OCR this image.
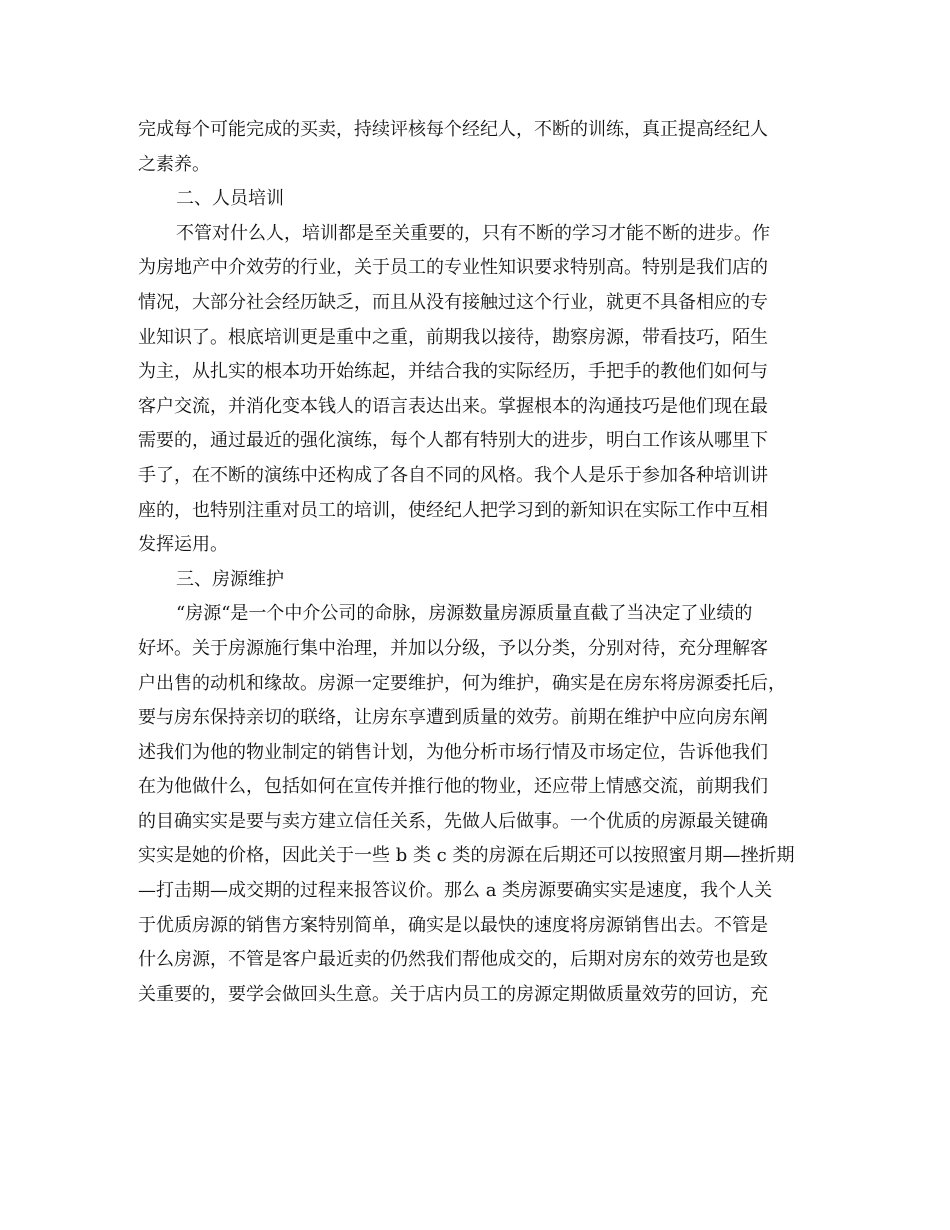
完成每个可能完成的买卖，持续评核每个经纪人，不断的训练，真正提高经纪人
之素养。
二、人员培训
不管对什么人，培训都是至关重要的，只有不断的学习才能不断的进步。作
为房地产中介效劳的行业，关于员工的专业性知识要求特别高。特别是我们店的
情况，大部分社会经历缺乏，而且从没有接触过这个行业，就更不具备相应的专
业知识了。根底培训更是重中之重，前期我以接待，勘察房源，带看技巧，陌生
为主，从扎实的根本功开始练起，并结合我的实际经历，手把手的教他们如何与
客户交流，并消化变本钱人的语言表达出来。掌握根本的沟通技巧是他们现在最
需要的，通过最近的强化演练，每个人都有特别大的进步，明白工作该从哪里下
手了，在不断的演练中还构成了各自不同的风格。我个人是乐于参加各种培训讲
座的，也特别注重对员工的培训，使经纪人把学习到的新知识在实际工作中互相
发挥运用。
三、房源维护
“房源“是一个中介公司的命脉，房源数量房源质量直截了当决定了业绩的
好坏。关于房源施行集中治理，并加以分级，予以分类，分别对待，充分理解客
户出售的动机和缘故。房源一定要维护，何为维护，确实是在房东将房源委托后，
要与房东保持亲切的联络，让房东享遭到质量的效劳。前期在维护中应向房东阐
述我们为他的物业制定的销售计划，为他分析市场行情及市场定位，告诉他我们
在为他做什么，包括如何在宣传并推行他的物业，还应带上情感交流，前期我们
的目确实实是要与卖方建立信任关系，先做人后做事。一个优质的房源最关键确
实实是她的价格，因此关于一些 b 类 c 类的房源在后期还可以按照蜜月期—挫折期
—打击期—成交期的过程来报答议价。那么 a 类房源要确实实是速度，我个人关
于优质房源的销售方案特别简单，确实是以最快的速度将房源销售出去。不管是
什么房源，不管是客户最近卖的仍然我们帮他成交的，后期对房东的效劳也是致
关重要的，要学会做回头生意。关于店内员工的房源定期做质量效劳的回访，充
